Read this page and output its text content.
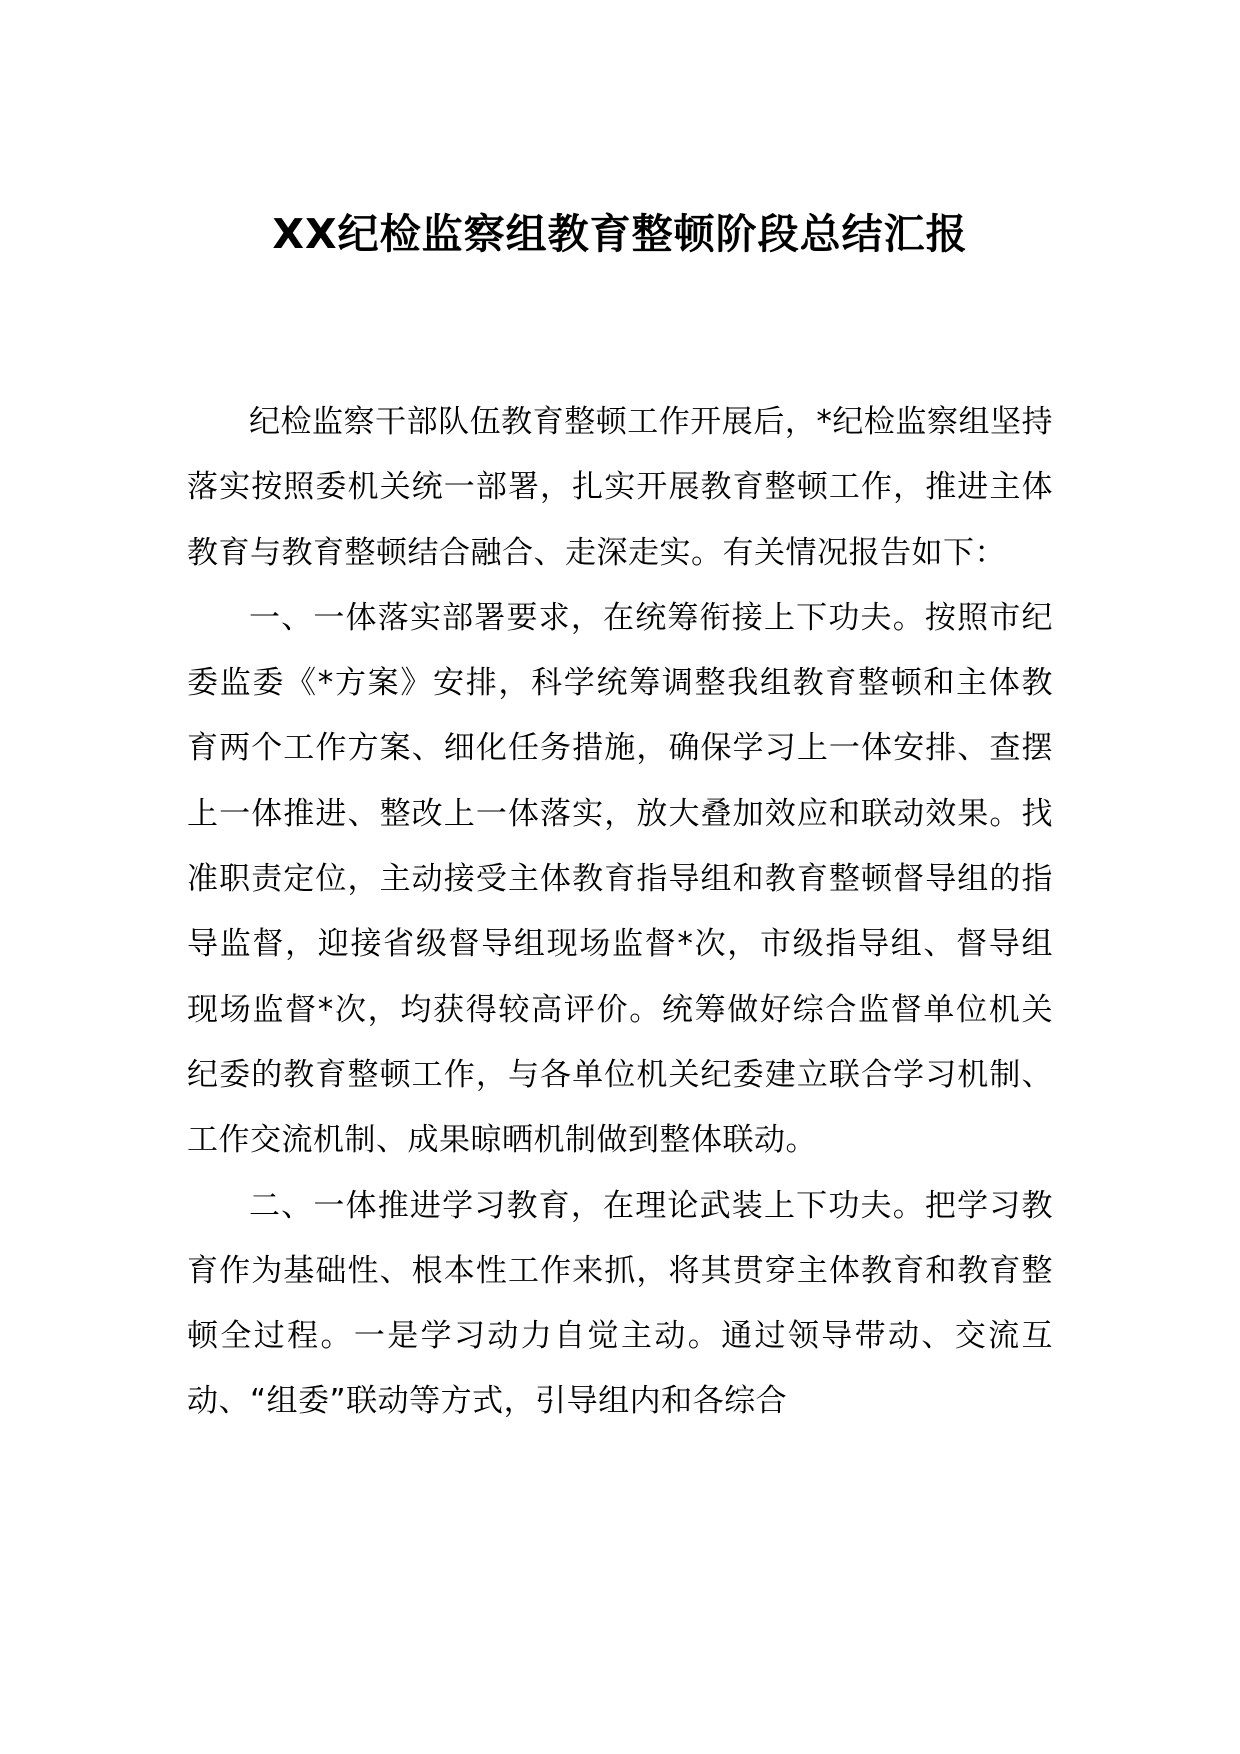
XX纪检监察组教育整顿阶段总结汇报

纪检监察干部队伍教育整顿工作开展后，*纪检监察组坚持落实按照委机关统一部署，扎实开展教育整顿工作，推进主体教育与教育整顿结合融合、走深走实。有关情况报告如下：

一、一体落实部署要求，在统筹衔接上下功夫。按照市纪委监委《*方案》安排，科学统筹调整我组教育整顿和主体教育两个工作方案、细化任务措施，确保学习上一体安排、查摆上一体推进、整改上一体落实，放大叠加效应和联动效果。找准职责定位，主动接受主体教育指导组和教育整顿督导组的指导监督，迎接省级督导组现场监督*次，市级指导组、督导组现场监督*次，均获得较高评价。统筹做好综合监督单位机关纪委的教育整顿工作，与各单位机关纪委建立联合学习机制、工作交流机制、成果晾晒机制做到整体联动。

二、一体推进学习教育，在理论武装上下功夫。把学习教育作为基础性、根本性工作来抓，将其贯穿主体教育和教育整顿全过程。一是学习动力自觉主动。通过领导带动、交流互动、“组委”联动等方式，引导组内和各综合
